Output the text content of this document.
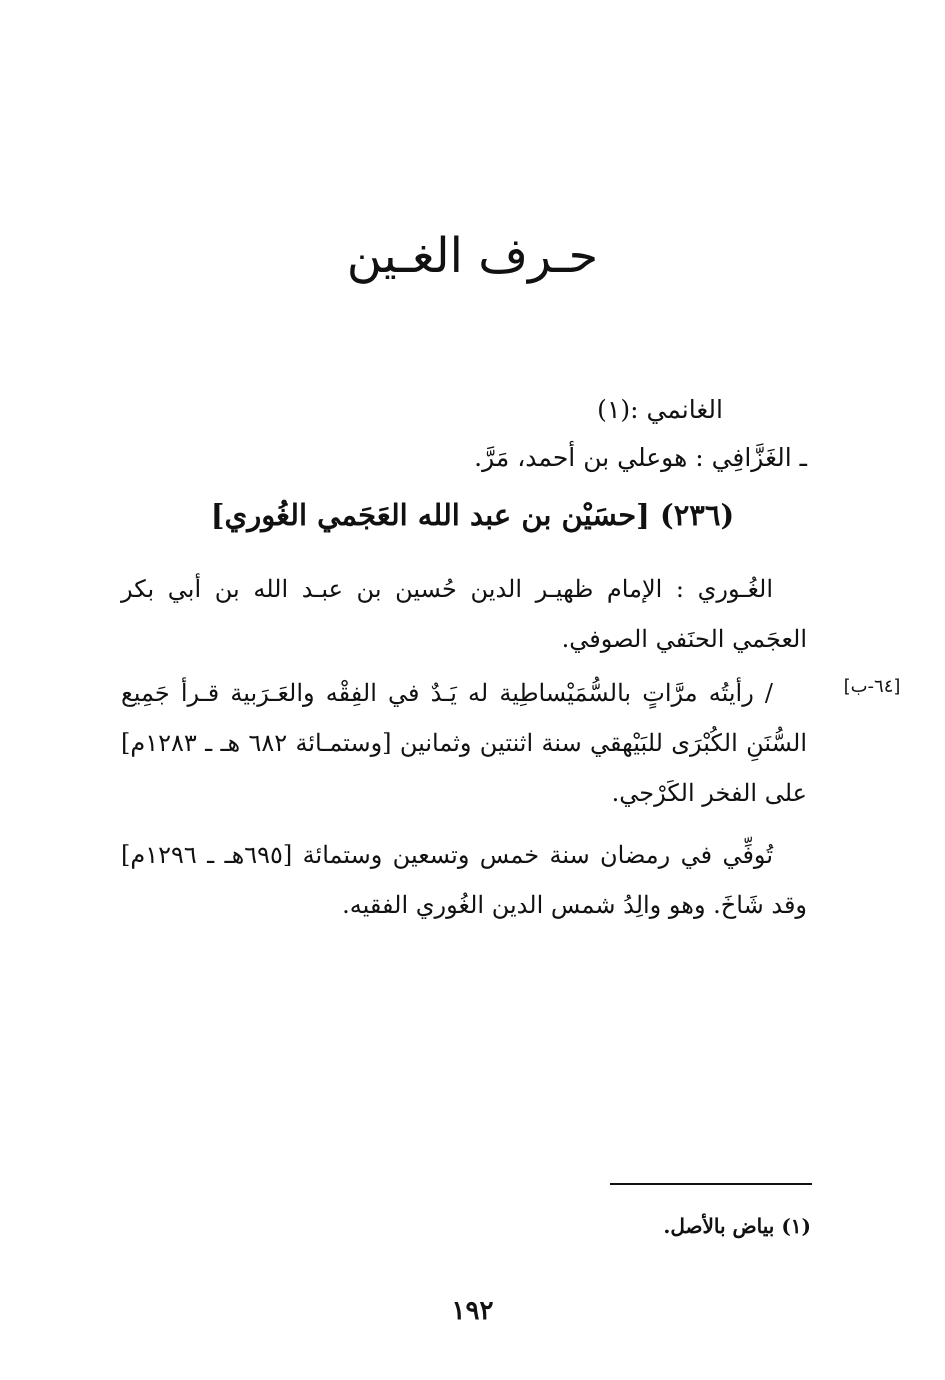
حـرف الغـين
الغانمي :(١)
ـ الغَزَّافِي : هوعلي بن أحمد، مَرَّ.
(٢٣٦) [حسَيْن بن عبد الله العَجَمي الغُوري]
الغُـوري : الإمام ظهيـر الدين حُسين بن عبـد الله بن أبي بكر العجَمي الحنَفي الصوفي.
[٦٤-ب]
/ رأيتُه مرَّاتٍ بالسُّمَيْساطِية له يَـدٌ في الفِقْه والعَـرَبية قـرأ جَمِيع السُّنَنِ الكُبْرَى للبَيْهقي سنة اثنتين وثمانين [وستمـائة ٦٨٢ هـ ـ ١٢٨٣م] على الفخر الكَرْجي.
تُوفِّي في رمضان سنة خمس وتسعين وستمائة [٦٩٥هـ ـ ١٢٩٦م] وقد شَاخَ. وهو والِدُ شمس الدين الغُوري الفقيه.
(١) بياض بالأصل.
١٩٢
